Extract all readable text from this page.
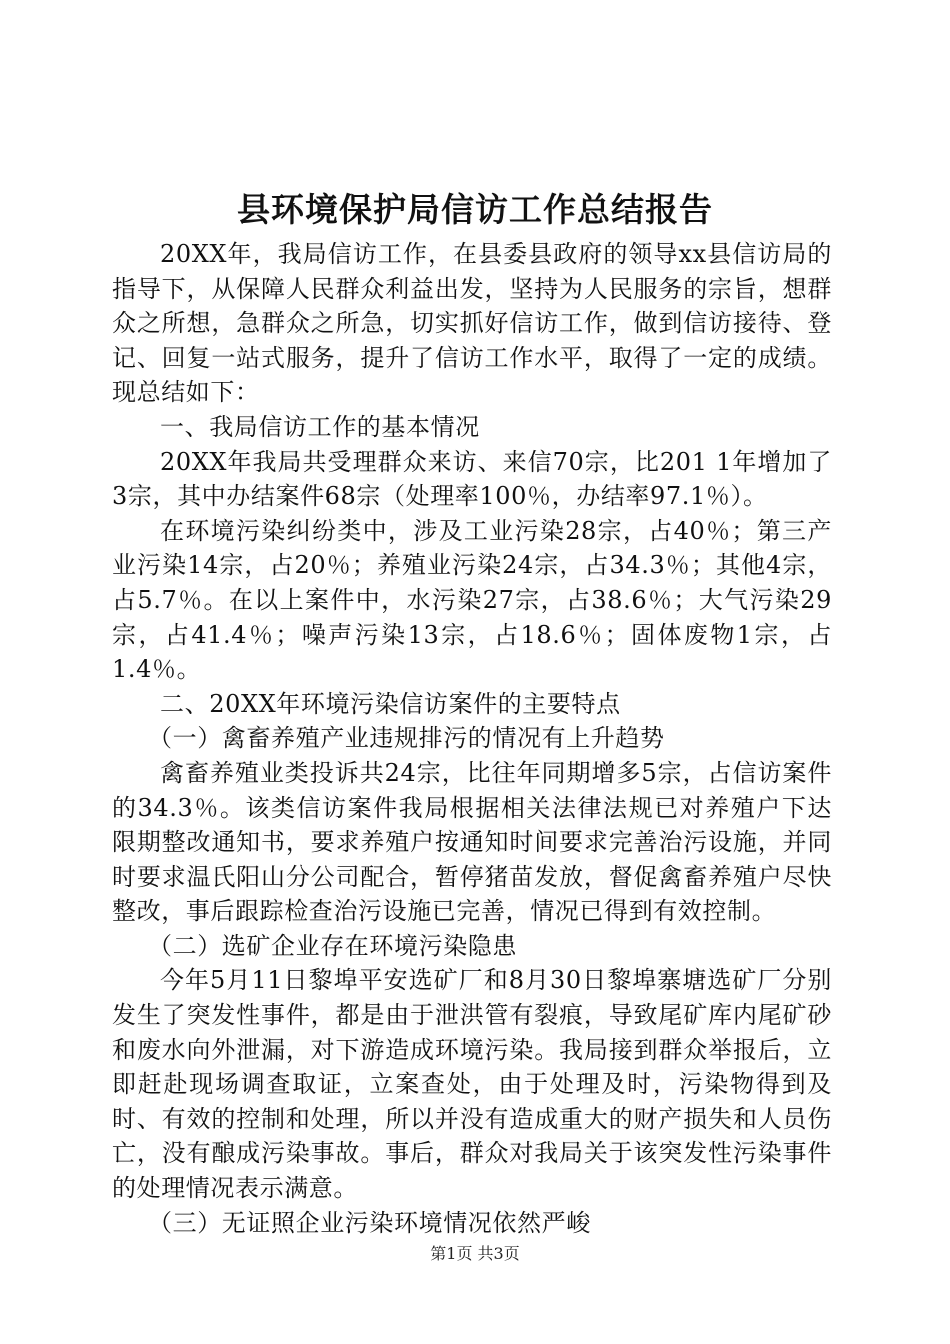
县环境保护局信访工作总结报告

20XX年，我局信访工作，在县委县政府的领导xx县信访局的指导下，从保障人民群众利益出发，坚持为人民服务的宗旨，想群众之所想，急群众之所急，切实抓好信访工作，做到信访接待、登记、回复一站式服务，提升了信访工作水平，取得了一定的成绩。现总结如下：

一、我局信访工作的基本情况

20XX年我局共受理群众来访、来信70宗，比201 1年增加了3宗，其中办结案件68宗（处理率100％，办结率97.1％）。

在环境污染纠纷类中，涉及工业污染28宗，占40％；第三产业污染14宗，占20％；养殖业污染24宗，占34.3％；其他4宗，占5.7％。在以上案件中，水污染27宗，占38.6％；大气污染29宗，占41.4％；噪声污染13宗，占18.6％；固体废物1宗，占1.4％。

二、20XX年环境污染信访案件的主要特点

（一）禽畜养殖产业违规排污的情况有上升趋势

禽畜养殖业类投诉共24宗，比往年同期增多5宗，占信访案件的34.3％。该类信访案件我局根据相关法律法规已对养殖户下达限期整改通知书，要求养殖户按通知时间要求完善治污设施，并同时要求温氏阳山分公司配合，暂停猪苗发放，督促禽畜养殖户尽快整改，事后跟踪检查治污设施已完善，情况已得到有效控制。

（二）选矿企业存在环境污染隐患

今年5月11日黎埠平安选矿厂和8月30日黎埠寨塘选矿厂分别发生了突发性事件，都是由于泄洪管有裂痕，导致尾矿库内尾矿砂和废水向外泄漏，对下游造成环境污染。我局接到群众举报后，立即赶赴现场调查取证，立案查处，由于处理及时，污染物得到及时、有效的控制和处理，所以并没有造成重大的财产损失和人员伤亡，没有酿成污染事故。事后，群众对我局关于该突发性污染事件的处理情况表示满意。

（三）无证照企业污染环境情况依然严峻

第1页 共3页
